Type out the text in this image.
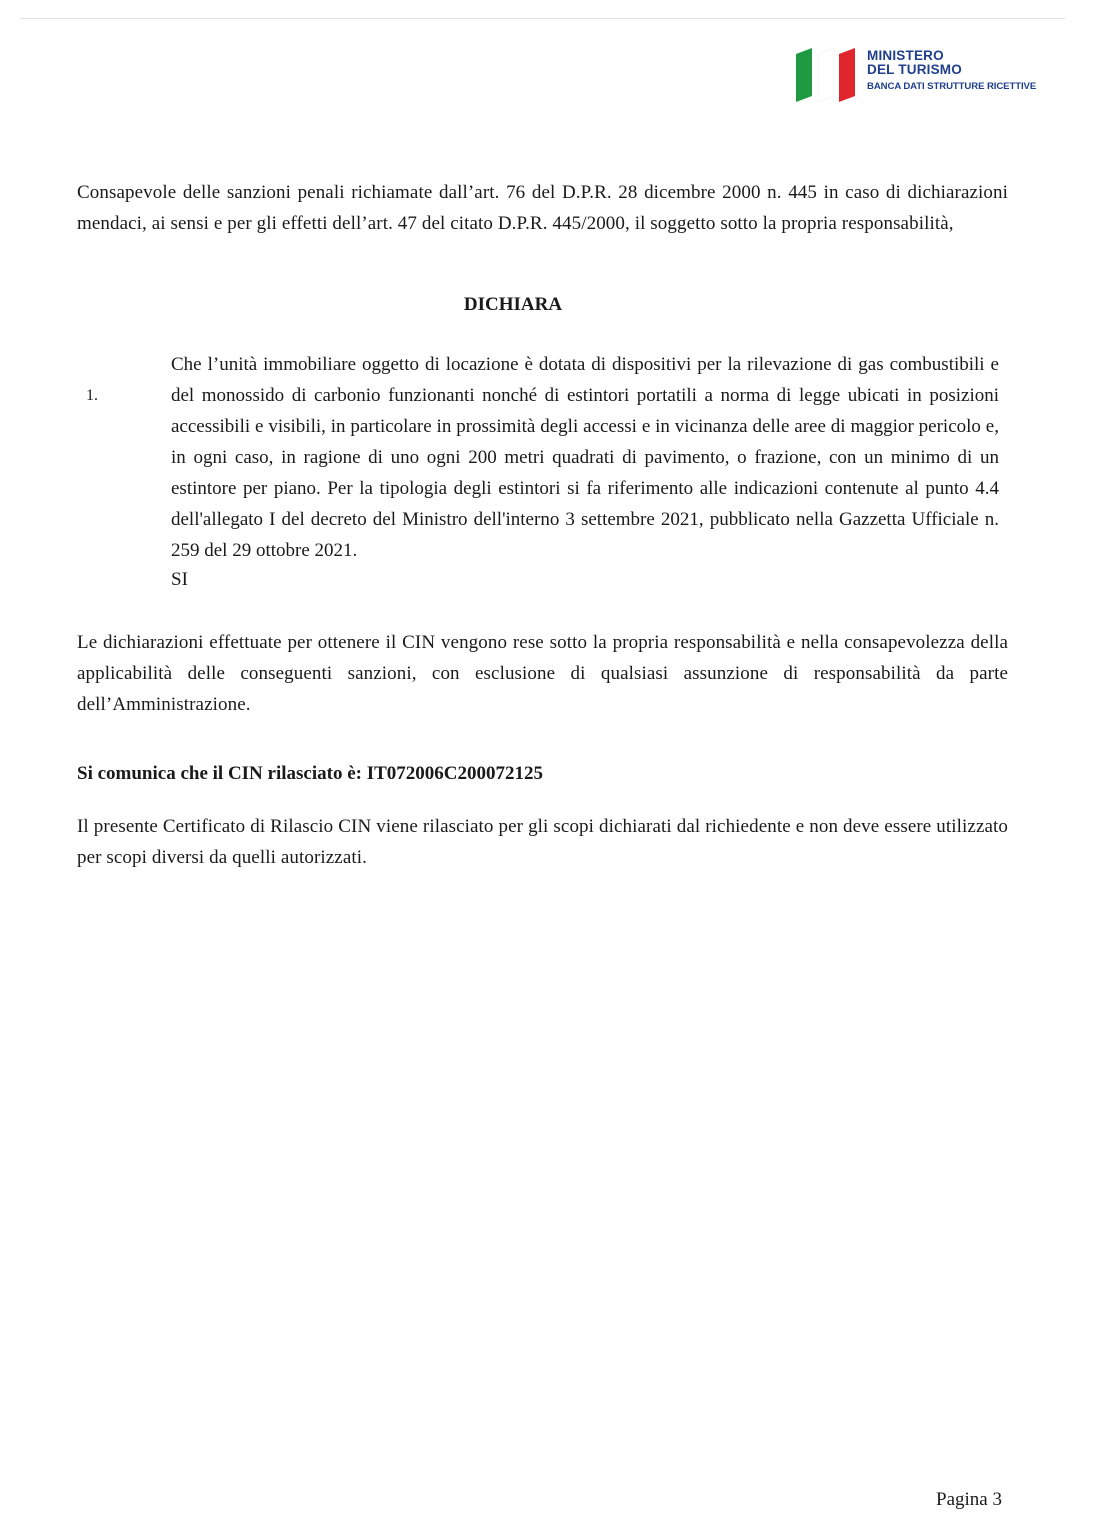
MINISTERO
DEL TURISMO
BANCA DATI STRUTTURE RICETTIVE

Consapevole delle sanzioni penali richiamate dall’art. 76 del D.P.R. 28 dicembre 2000 n. 445 in caso di dichiarazioni mendaci, ai sensi e per gli effetti dell’art. 47 del citato D.P.R. 445/2000, il soggetto sotto la propria responsabilità,

DICHIARA
1.

Che l’unità immobiliare oggetto di locazione è dotata di dispositivi per la rilevazione di gas combustibili e del monossido di carbonio funzionanti nonché di estintori portatili a norma di legge ubicati in posizioni accessibili e visibili, in particolare in prossimità degli accessi e in vicinanza delle aree di maggior pericolo e, in ogni caso, in ragione di uno ogni 200 metri quadrati di pavimento, o frazione, con un minimo di un estintore per piano. Per la tipologia degli estintori si fa riferimento alle indicazioni contenute al punto 4.4 dell'allegato I del decreto del Ministro dell'interno 3 settembre 2021, pubblicato nella Gazzetta Ufficiale n. 259 del 29 ottobre 2021.

SI

Le dichiarazioni effettuate per ottenere il CIN vengono rese sotto la propria responsabilità e nella consapevolezza della applicabilità delle conseguenti sanzioni, con esclusione di qualsiasi assunzione di responsabilità da parte dell’Amministrazione.

Si comunica che il CIN rilasciato è: IT072006C200072125

Il presente Certificato di Rilascio CIN viene rilasciato per gli scopi dichiarati dal richiedente e non deve essere utilizzato per scopi diversi da quelli autorizzati.

Pagina 3
